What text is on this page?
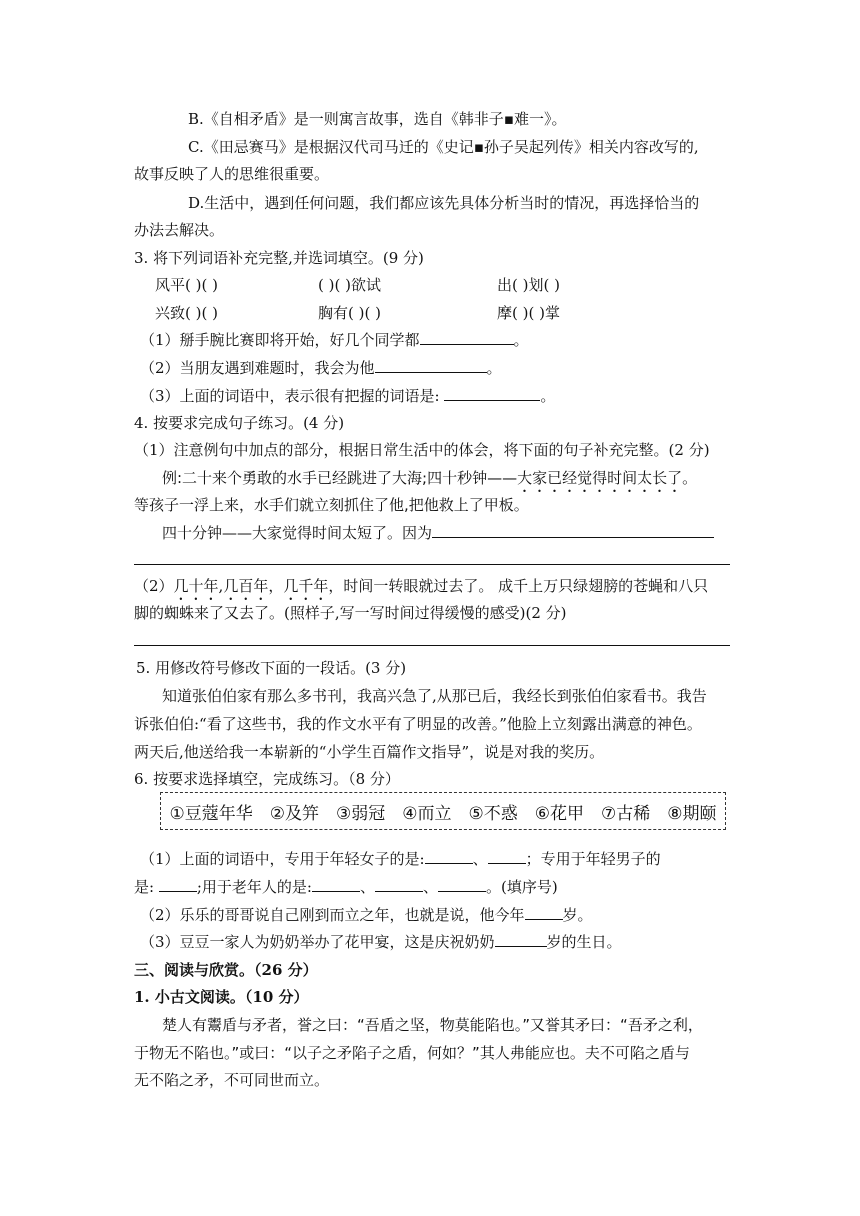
B.《自相矛盾》是一则寓言故事，选自《韩非子▪难一》。
C.《田忌赛马》是根据汉代司马迁的《史记▪孙子吴起列传》相关内容改写的,
故事反映了人的思维很重要。
D.生活中，遇到任何问题，我们都应该先具体分析当时的情况，再选择恰当的
办法去解决。
3. 将下列词语补充完整,并选词填空。(9 分)
风平( )( )	( )( )欲试	出( )划( )
兴致( )( )	胸有( )( )	摩( )( )掌
（1）掰手腕比赛即将开始，好几个同学都	。
（2）当朋友遇到难题时，我会为他	。
（3）上面的词语中，表示很有把握的词语是:	。
4. 按要求完成句子练习。(4 分)
（1）注意例句中加点的部分，根据日常生活中的体会，将下面的句子补充完整。(2 分)
例:二十来个勇敢的水手已经跳进了大海;四十秒钟——大家已经觉得时间太长了。
等孩子一浮上来，水手们就立刻抓住了他,把他救上了甲板。
四十分钟——大家觉得时间太短了。因为
（2）几十年,几百年，几千年，时间一转眼就过去了。 成千上万只绿翅膀的苍蝇和八只
脚的蜘蛛来了又去了。(照样子,写一写时间过得缓慢的感受)(2 分)
5. 用修改符号修改下面的一段话。(3 分)
知道张伯伯家有那么多书刊，我高兴急了,从那已后，我经长到张伯伯家看书。我告
诉张伯伯:“看了这些书，我的作文水平有了明显的改善。”他脸上立刻露出满意的神色。
两天后,他送给我一本崭新的“小学生百篇作文指导”，说是对我的奖历。
6. 按要求选择填空，完成练习。（8 分）
①豆蔻年华 ②及笄 ③弱冠 ④而立 ⑤不惑 ⑥花甲 ⑦古稀 ⑧期颐
（1）上面的词语中，专用于年轻女子的是:	、	；专用于年轻男子的
是:	;用于老年人的是:	、	、	。(填序号)
（2）乐乐的哥哥说自己刚到而立之年，也就是说，他今年	岁。
（3）豆豆一家人为奶奶举办了花甲宴，这是庆祝奶奶	岁的生日。
三、阅读与欣赏。（26 分）
1. 小古文阅读。（10 分）
楚人有鬻盾与矛者，誉之曰：“吾盾之坚，物莫能陷也。”又誉其矛曰：“吾矛之利，
于物无不陷也。”或曰：“以子之矛陷子之盾，何如？”其人弗能应也。夫不可陷之盾与
无不陷之矛，不可同世而立。
